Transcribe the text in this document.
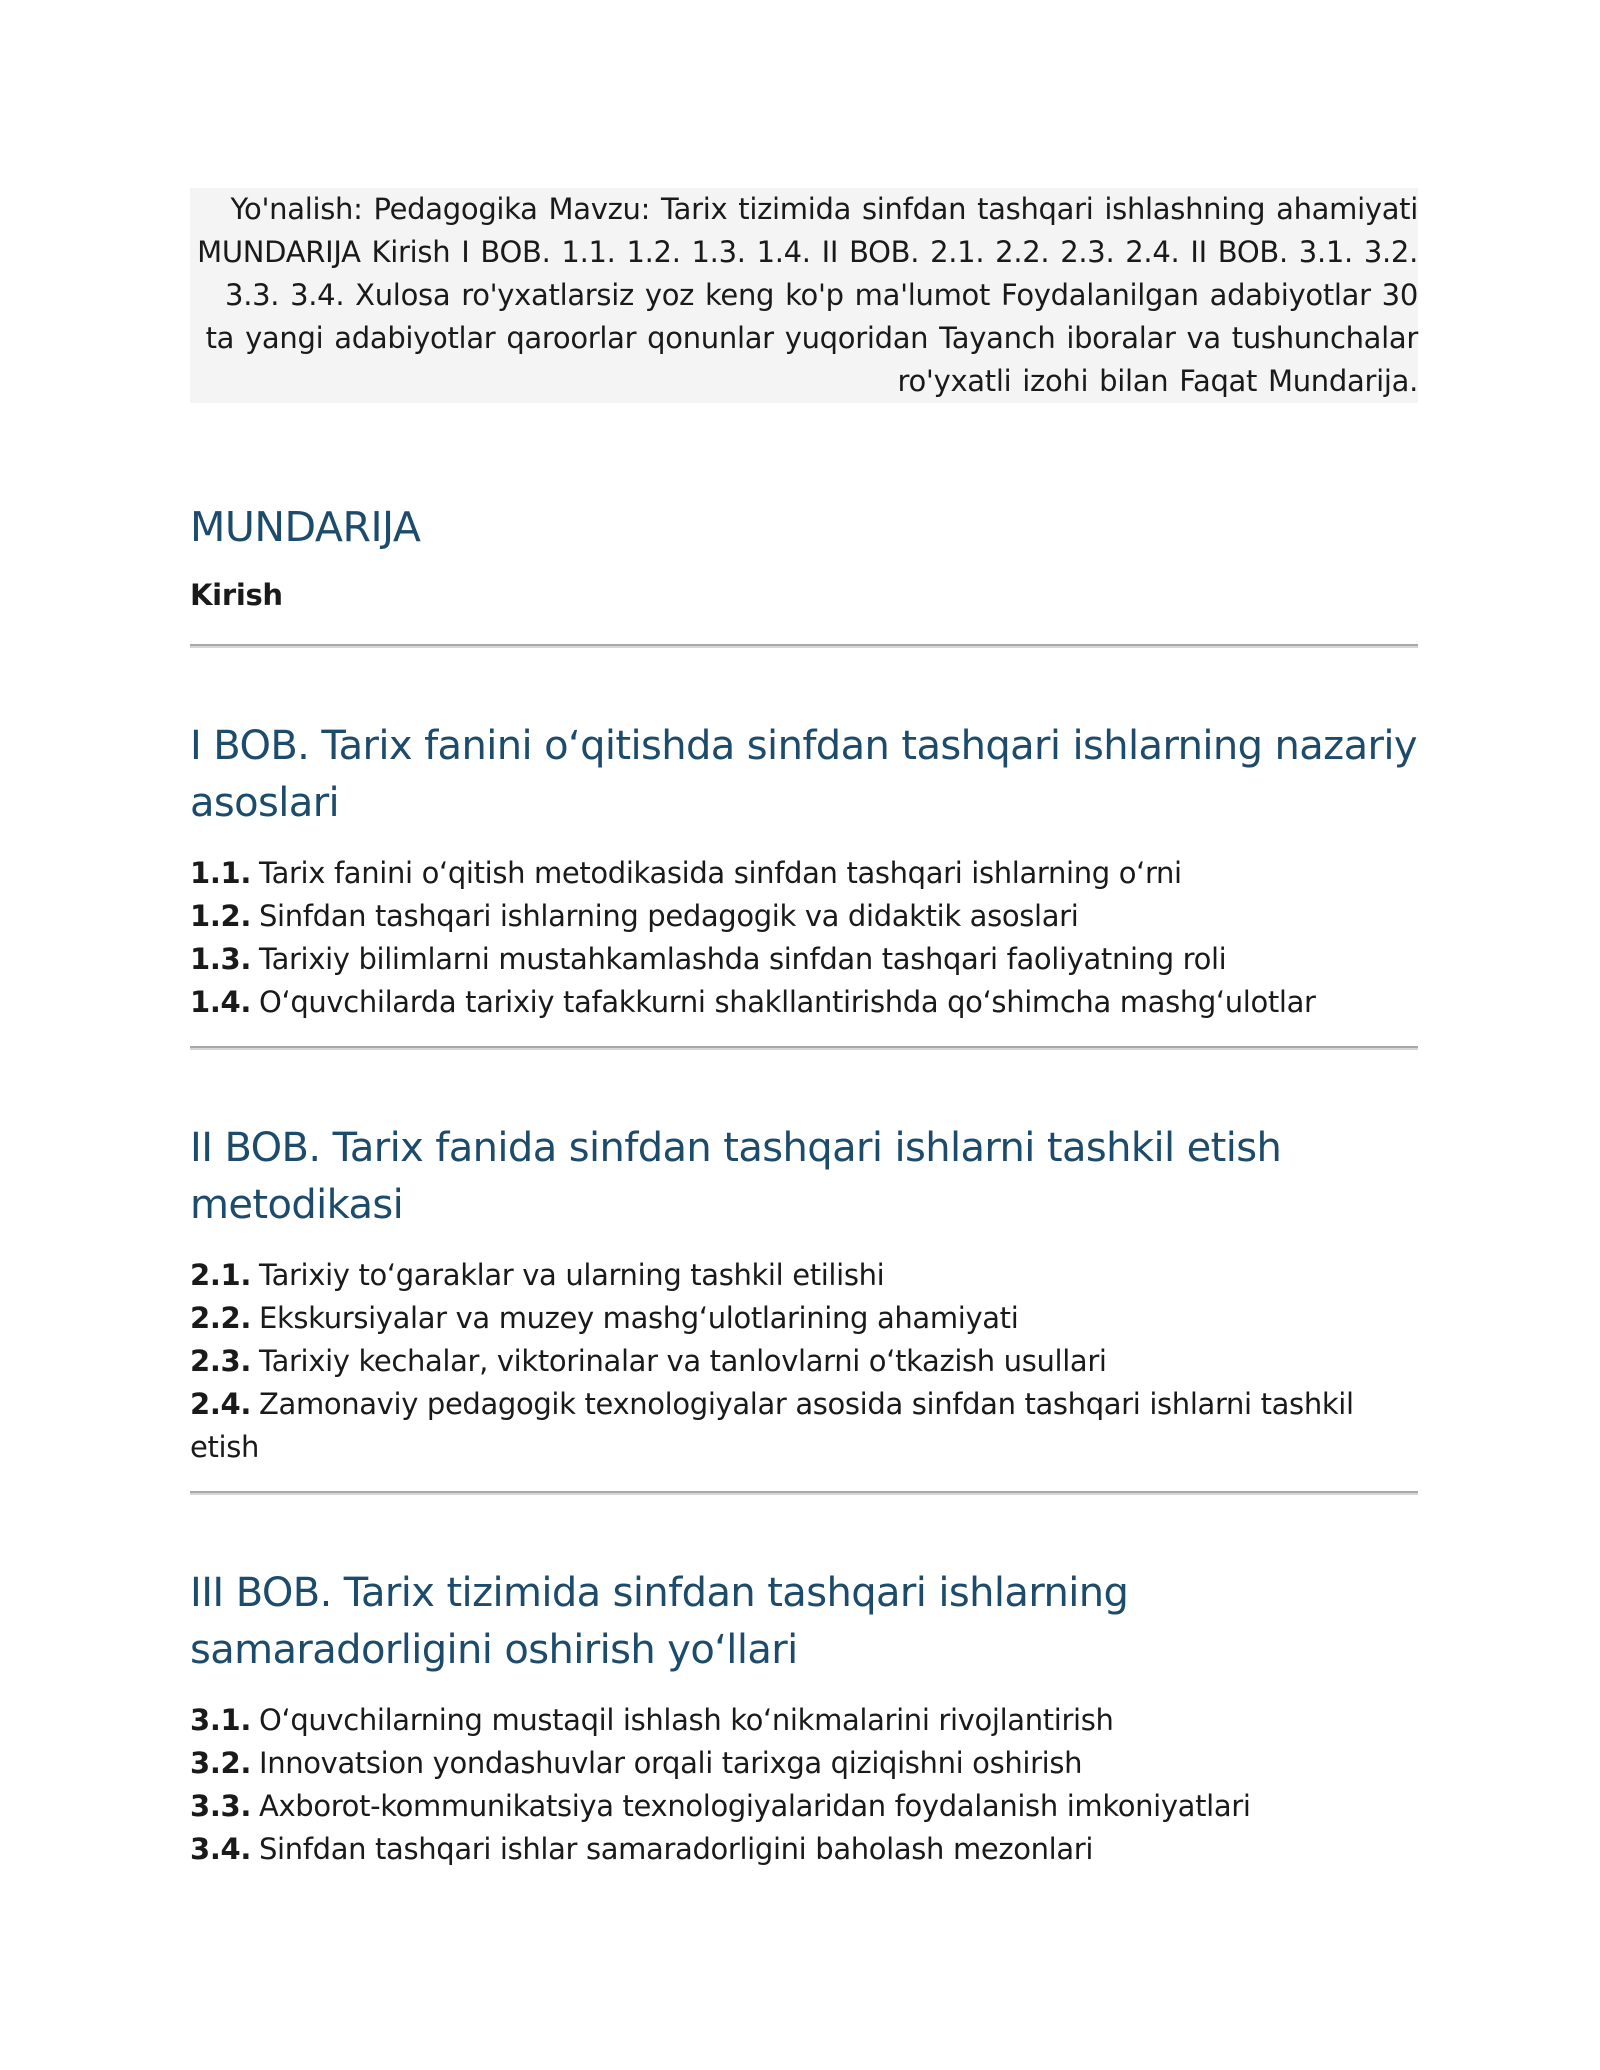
Yo'nalish: Pedagogika Mavzu: Tarix tizimida sinfdan tashqari ishlashning ahamiyati MUNDARIJA Kirish I BOB. 1.1. 1.2. 1.3. 1.4. II BOB. 2.1. 2.2. 2.3. 2.4. II BOB. 3.1. 3.2. 3.3. 3.4. Xulosa ro'yxatlarsiz yoz keng ko'p ma'lumot Foydalanilgan adabiyotlar 30 ta yangi adabiyotlar qaroorlar qonunlar yuqoridan Tayanch iboralar va tushunchalar ro'yxatli izohi bilan Faqat Mundarija.
MUNDARIJA
Kirish
I BOB. Tarix fanini o‘qitishda sinfdan tashqari ishlarning nazariy asoslari
1.1. Tarix fanini o‘qitish metodikasida sinfdan tashqari ishlarning o‘rni
1.2. Sinfdan tashqari ishlarning pedagogik va didaktik asoslari
1.3. Tarixiy bilimlarni mustahkamlashda sinfdan tashqari faoliyatning roli
1.4. O‘quvchilarda tarixiy tafakkurni shakllantirishda qo‘shimcha mashg‘ulotlar
II BOB. Tarix fanida sinfdan tashqari ishlarni tashkil etish metodikasi
2.1. Tarixiy to‘garaklar va ularning tashkil etilishi
2.2. Ekskursiyalar va muzey mashg‘ulotlarining ahamiyati
2.3. Tarixiy kechalar, viktorinalar va tanlovlarni o‘tkazish usullari
2.4. Zamonaviy pedagogik texnologiyalar asosida sinfdan tashqari ishlarni tashkil etish
III BOB. Tarix tizimida sinfdan tashqari ishlarning samaradorligini oshirish yo‘llari
3.1. O‘quvchilarning mustaqil ishlash ko‘nikmalarini rivojlantirish
3.2. Innovatsion yondashuvlar orqali tarixga qiziqishni oshirish
3.3. Axborot-kommunikatsiya texnologiyalaridan foydalanish imkoniyatlari
3.4. Sinfdan tashqari ishlar samaradorligini baholash mezonlari
